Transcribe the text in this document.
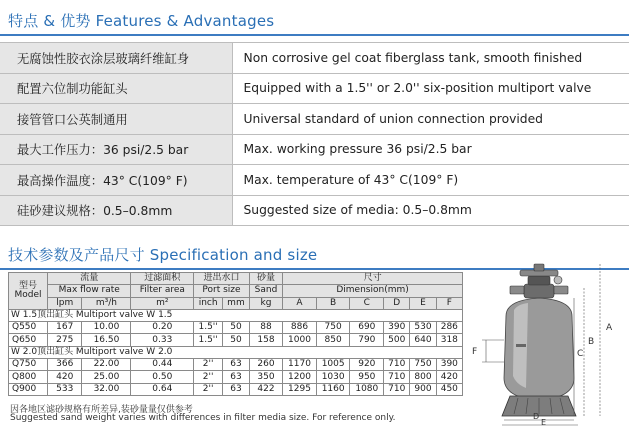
特点 & 优势 Features & Advantages
无腐蚀性胶衣涂层玻璃纤维缸身	Non corrosive gel coat fiberglass tank, smooth finished
配置六位制功能缸头	Equipped with a 1.5'' or 2.0'' six-position multiport valve
接管管口公英制通用	Universal standard of union connection provided
最大工作压力：36 psi/2.5 bar	Max. working pressure 36 psi/2.5 bar
最高操作温度：43° C(109° F)	Max. temperature of 43° C(109° F)
硅砂建议规格：0.5–0.8mm	Suggested size of media: 0.5–0.8mm
技术参数及产品尺寸 Specification and size
型号
Model	流量		过滤面积	进出水口		砂量	尺寸					
	Max flow rate		Filter area	Port size		Sand	Dimension(mm)					
	lpm	m³/h	m²	inch	mm	kg	A	B	C	D	E	F
W 1.5顶出缸头 Multiport valve W 1.5												
Q550	167	10.00	0.20	1.5''	50	88	886	750	690	390	530	286
Q650	275	16.50	0.33	1.5''	50	158	1000	850	790	500	640	318
W 2.0顶出缸头 Multiport valve W 2.0												
Q750	366	22.00	0.44	2''	63	260	1170	1005	920	710	750	390
Q800	420	25.00	0.50	2''	63	350	1200	1030	950	710	800	420
Q900	533	32.00	0.64	2''	63	422	1295	1160	1080	710	900	450
因各地区滤砂规格有所差异,装砂量量仅供参考
Suggested sand weight varies with differences in filter media size. For reference only.
A
B
C
F
D
E
